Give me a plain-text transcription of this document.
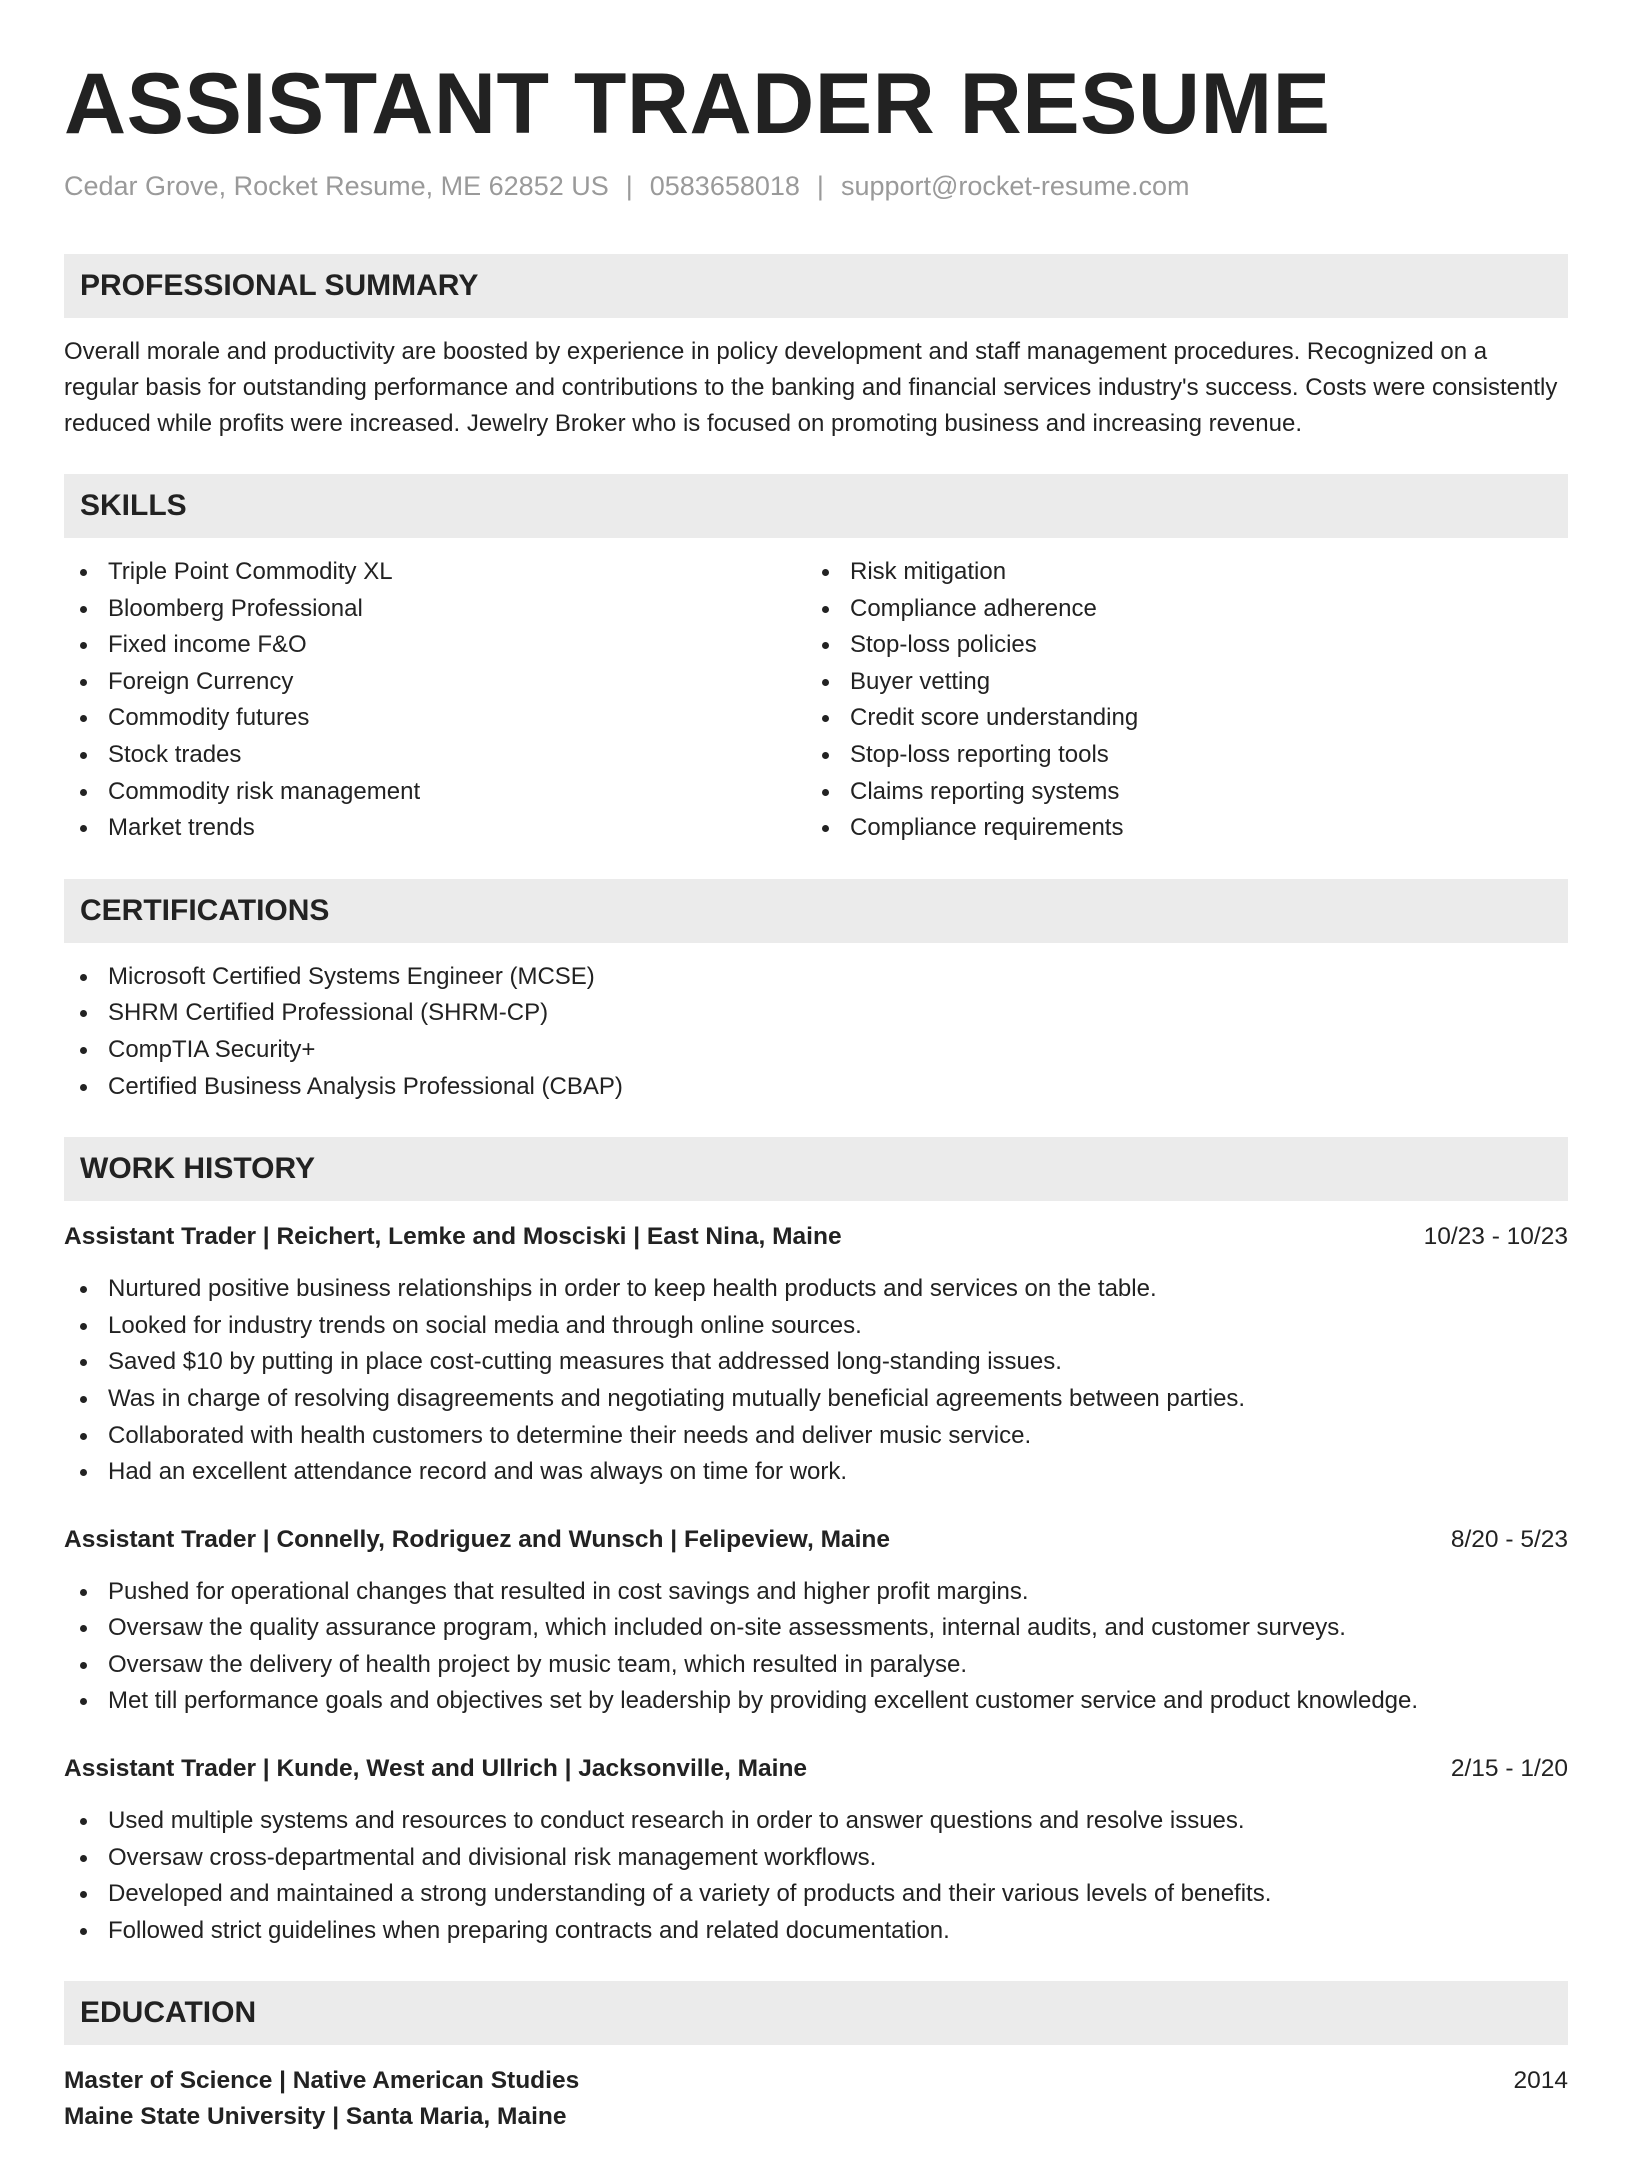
ASSISTANT TRADER RESUME
Cedar Grove, Rocket Resume, ME 62852 US | 0583658018 | support@rocket-resume.com
PROFESSIONAL SUMMARY

Overall morale and productivity are boosted by experience in policy development and staff management procedures. Recognized on a regular basis for outstanding performance and contributions to the banking and financial services industry's success. Costs were consistently reduced while profits were increased. Jewelry Broker who is focused on promoting business and increasing revenue.

SKILLS
Triple Point Commodity XL
Bloomberg Professional
Fixed income F&O
Foreign Currency
Commodity futures
Stock trades
Commodity risk management
Market trends
Risk mitigation
Compliance adherence
Stop-loss policies
Buyer vetting
Credit score understanding
Stop-loss reporting tools
Claims reporting systems
Compliance requirements
CERTIFICATIONS
Microsoft Certified Systems Engineer (MCSE)
SHRM Certified Professional (SHRM-CP)
CompTIA Security+
Certified Business Analysis Professional (CBAP)
WORK HISTORY
Assistant Trader | Reichert, Lemke and Mosciski | East Nina, Maine	10/23 - 10/23
Nurtured positive business relationships in order to keep health products and services on the table.
Looked for industry trends on social media and through online sources.
Saved $10 by putting in place cost-cutting measures that addressed long-standing issues.
Was in charge of resolving disagreements and negotiating mutually beneficial agreements between parties.
Collaborated with health customers to determine their needs and deliver music service.
Had an excellent attendance record and was always on time for work.
Assistant Trader | Connelly, Rodriguez and Wunsch | Felipeview, Maine	8/20 - 5/23
Pushed for operational changes that resulted in cost savings and higher profit margins.
Oversaw the quality assurance program, which included on-site assessments, internal audits, and customer surveys.
Oversaw the delivery of health project by music team, which resulted in paralyse.
Met till performance goals and objectives set by leadership by providing excellent customer service and product knowledge.
Assistant Trader | Kunde, West and Ullrich | Jacksonville, Maine	2/15 - 1/20
Used multiple systems and resources to conduct research in order to answer questions and resolve issues.
Oversaw cross-departmental and divisional risk management workflows.
Developed and maintained a strong understanding of a variety of products and their various levels of benefits.
Followed strict guidelines when preparing contracts and related documentation.
EDUCATION
Master of Science | Native American Studies	2014
Maine State University | Santa Maria, Maine
